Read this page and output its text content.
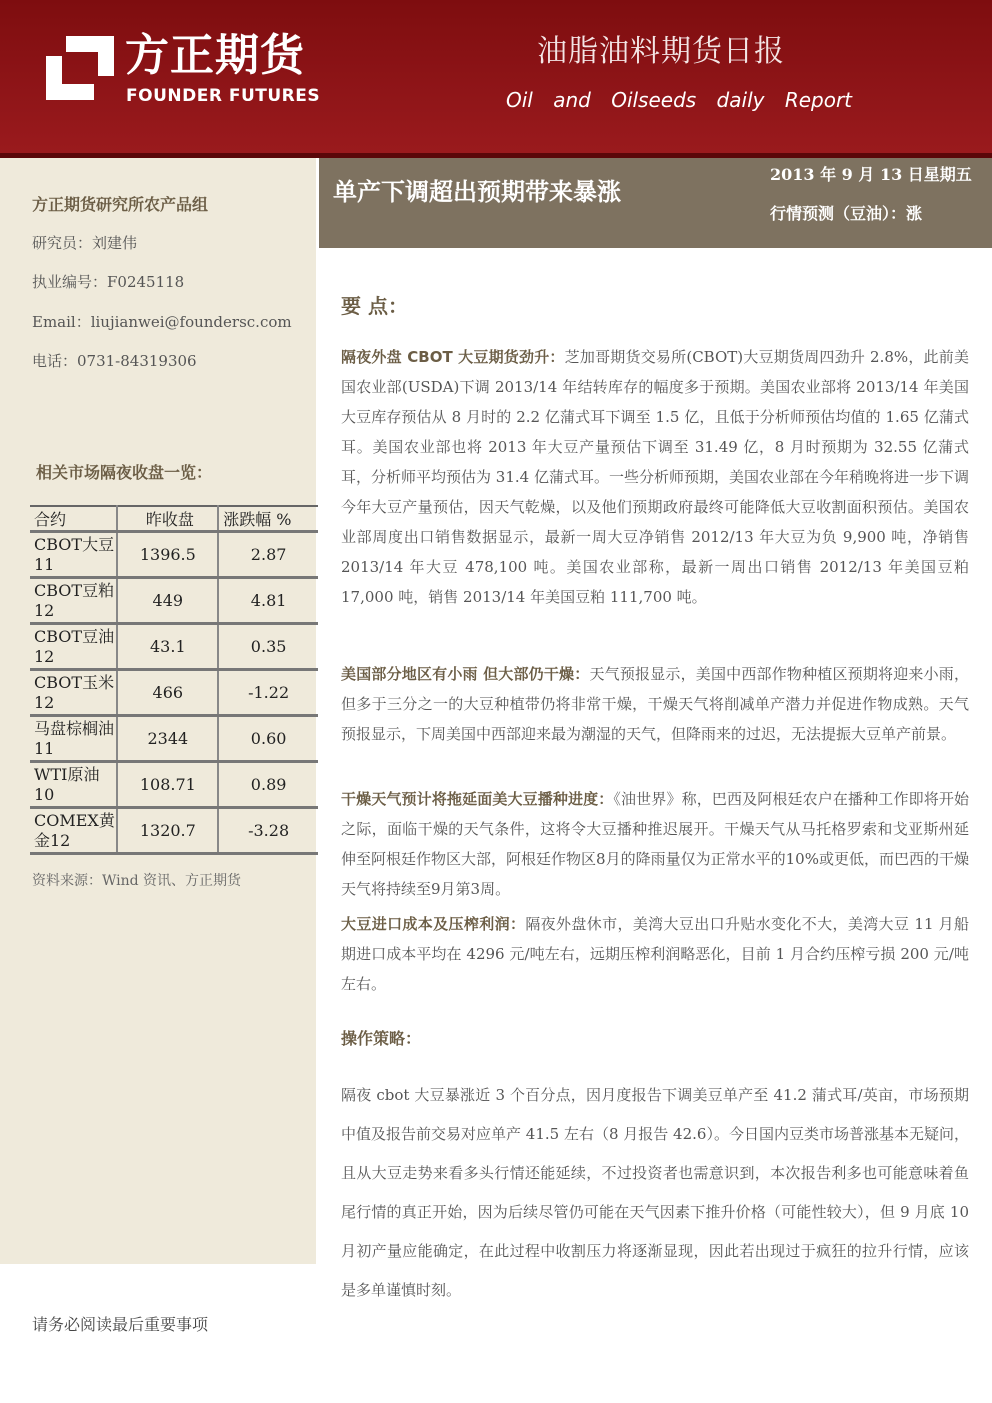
方正期货
FOUNDER FUTURES
油脂油料期货日报
Oil and Oilseeds daily Report
方正期货研究所农产品组
研究员：刘建伟
执业编号：F0245118
Email：liujianwei@foundersc.com
电话：0731-84319306
相关市场隔夜收盘一览：
合约	昨收盘	涨跌幅 %
CBOT大豆11	1396.5	2.87
CBOT豆粕12	449	4.81
CBOT豆油12	43.1	0.35
CBOT玉米12	466	-1.22
马盘棕榈油11	2344	0.60
WTI原油10	108.71	0.89
COMEX黄金12	1320.7	-3.28
资料来源：Wind 资讯、方正期货
单产下调超出预期带来暴涨
2013 年 9 月 13 日星期五
行情预测（豆油）：涨
要 点：

隔夜外盘 CBOT 大豆期货劲升：芝加哥期货交易所(CBOT)大豆期货周四劲升 2.8%，此前美国农业部(USDA)下调 2013/14 年结转库存的幅度多于预期。美国农业部将 2013/14 年美国大豆库存预估从 8 月时的 2.2 亿蒲式耳下调至 1.5 亿，且低于分析师预估均值的 1.65 亿蒲式耳。美国农业部也将 2013 年大豆产量预估下调至 31.49 亿，8 月时预期为 32.55 亿蒲式耳，分析师平均预估为 31.4 亿蒲式耳。一些分析师预期，美国农业部在今年稍晚将进一步下调今年大豆产量预估，因天气乾燥，以及他们预期政府最终可能降低大豆收割面积预估。美国农业部周度出口销售数据显示，最新一周大豆净销售 2012/13 年大豆为负 9,900 吨，净销售 2013/14 年大豆 478,100 吨。美国农业部称，最新一周出口销售 2012/13 年美国豆粕 17,000 吨，销售 2013/14 年美国豆粕 111,700 吨。

美国部分地区有小雨 但大部仍干燥：天气预报显示，美国中西部作物种植区预期将迎来小雨，但多于三分之一的大豆种植带仍将非常干燥，干燥天气将削减单产潜力并促进作物成熟。天气预报显示，下周美国中西部迎来最为潮湿的天气，但降雨来的过迟，无法提振大豆单产前景。

干燥天气预计将拖延面美大豆播种进度：《油世界》称，巴西及阿根廷农户在播种工作即将开始之际，面临干燥的天气条件，这将令大豆播种推迟展开。干燥天气从马托格罗索和戈亚斯州延伸至阿根廷作物区大部，阿根廷作物区8月的降雨量仅为正常水平的10%或更低，而巴西的干燥天气将持续至9月第3周。

大豆进口成本及压榨利润：隔夜外盘休市，美湾大豆出口升贴水变化不大，美湾大豆 11 月船期进口成本平均在 4296 元/吨左右，远期压榨利润略恶化，目前 1 月合约压榨亏损 200 元/吨左右。

操作策略：

隔夜 cbot 大豆暴涨近 3 个百分点，因月度报告下调美豆单产至 41.2 蒲式耳/英亩，市场预期中值及报告前交易对应单产 41.5 左右（8 月报告 42.6）。今日国内豆类市场普涨基本无疑问，且从大豆走势来看多头行情还能延续，不过投资者也需意识到，本次报告利多也可能意味着鱼尾行情的真正开始，因为后续尽管仍可能在天气因素下推升价格（可能性较大），但 9 月底 10 月初产量应能确定，在此过程中收割压力将逐渐显现，因此若出现过于疯狂的拉升行情，应该是多单谨慎时刻。

请务必阅读最后重要事项
